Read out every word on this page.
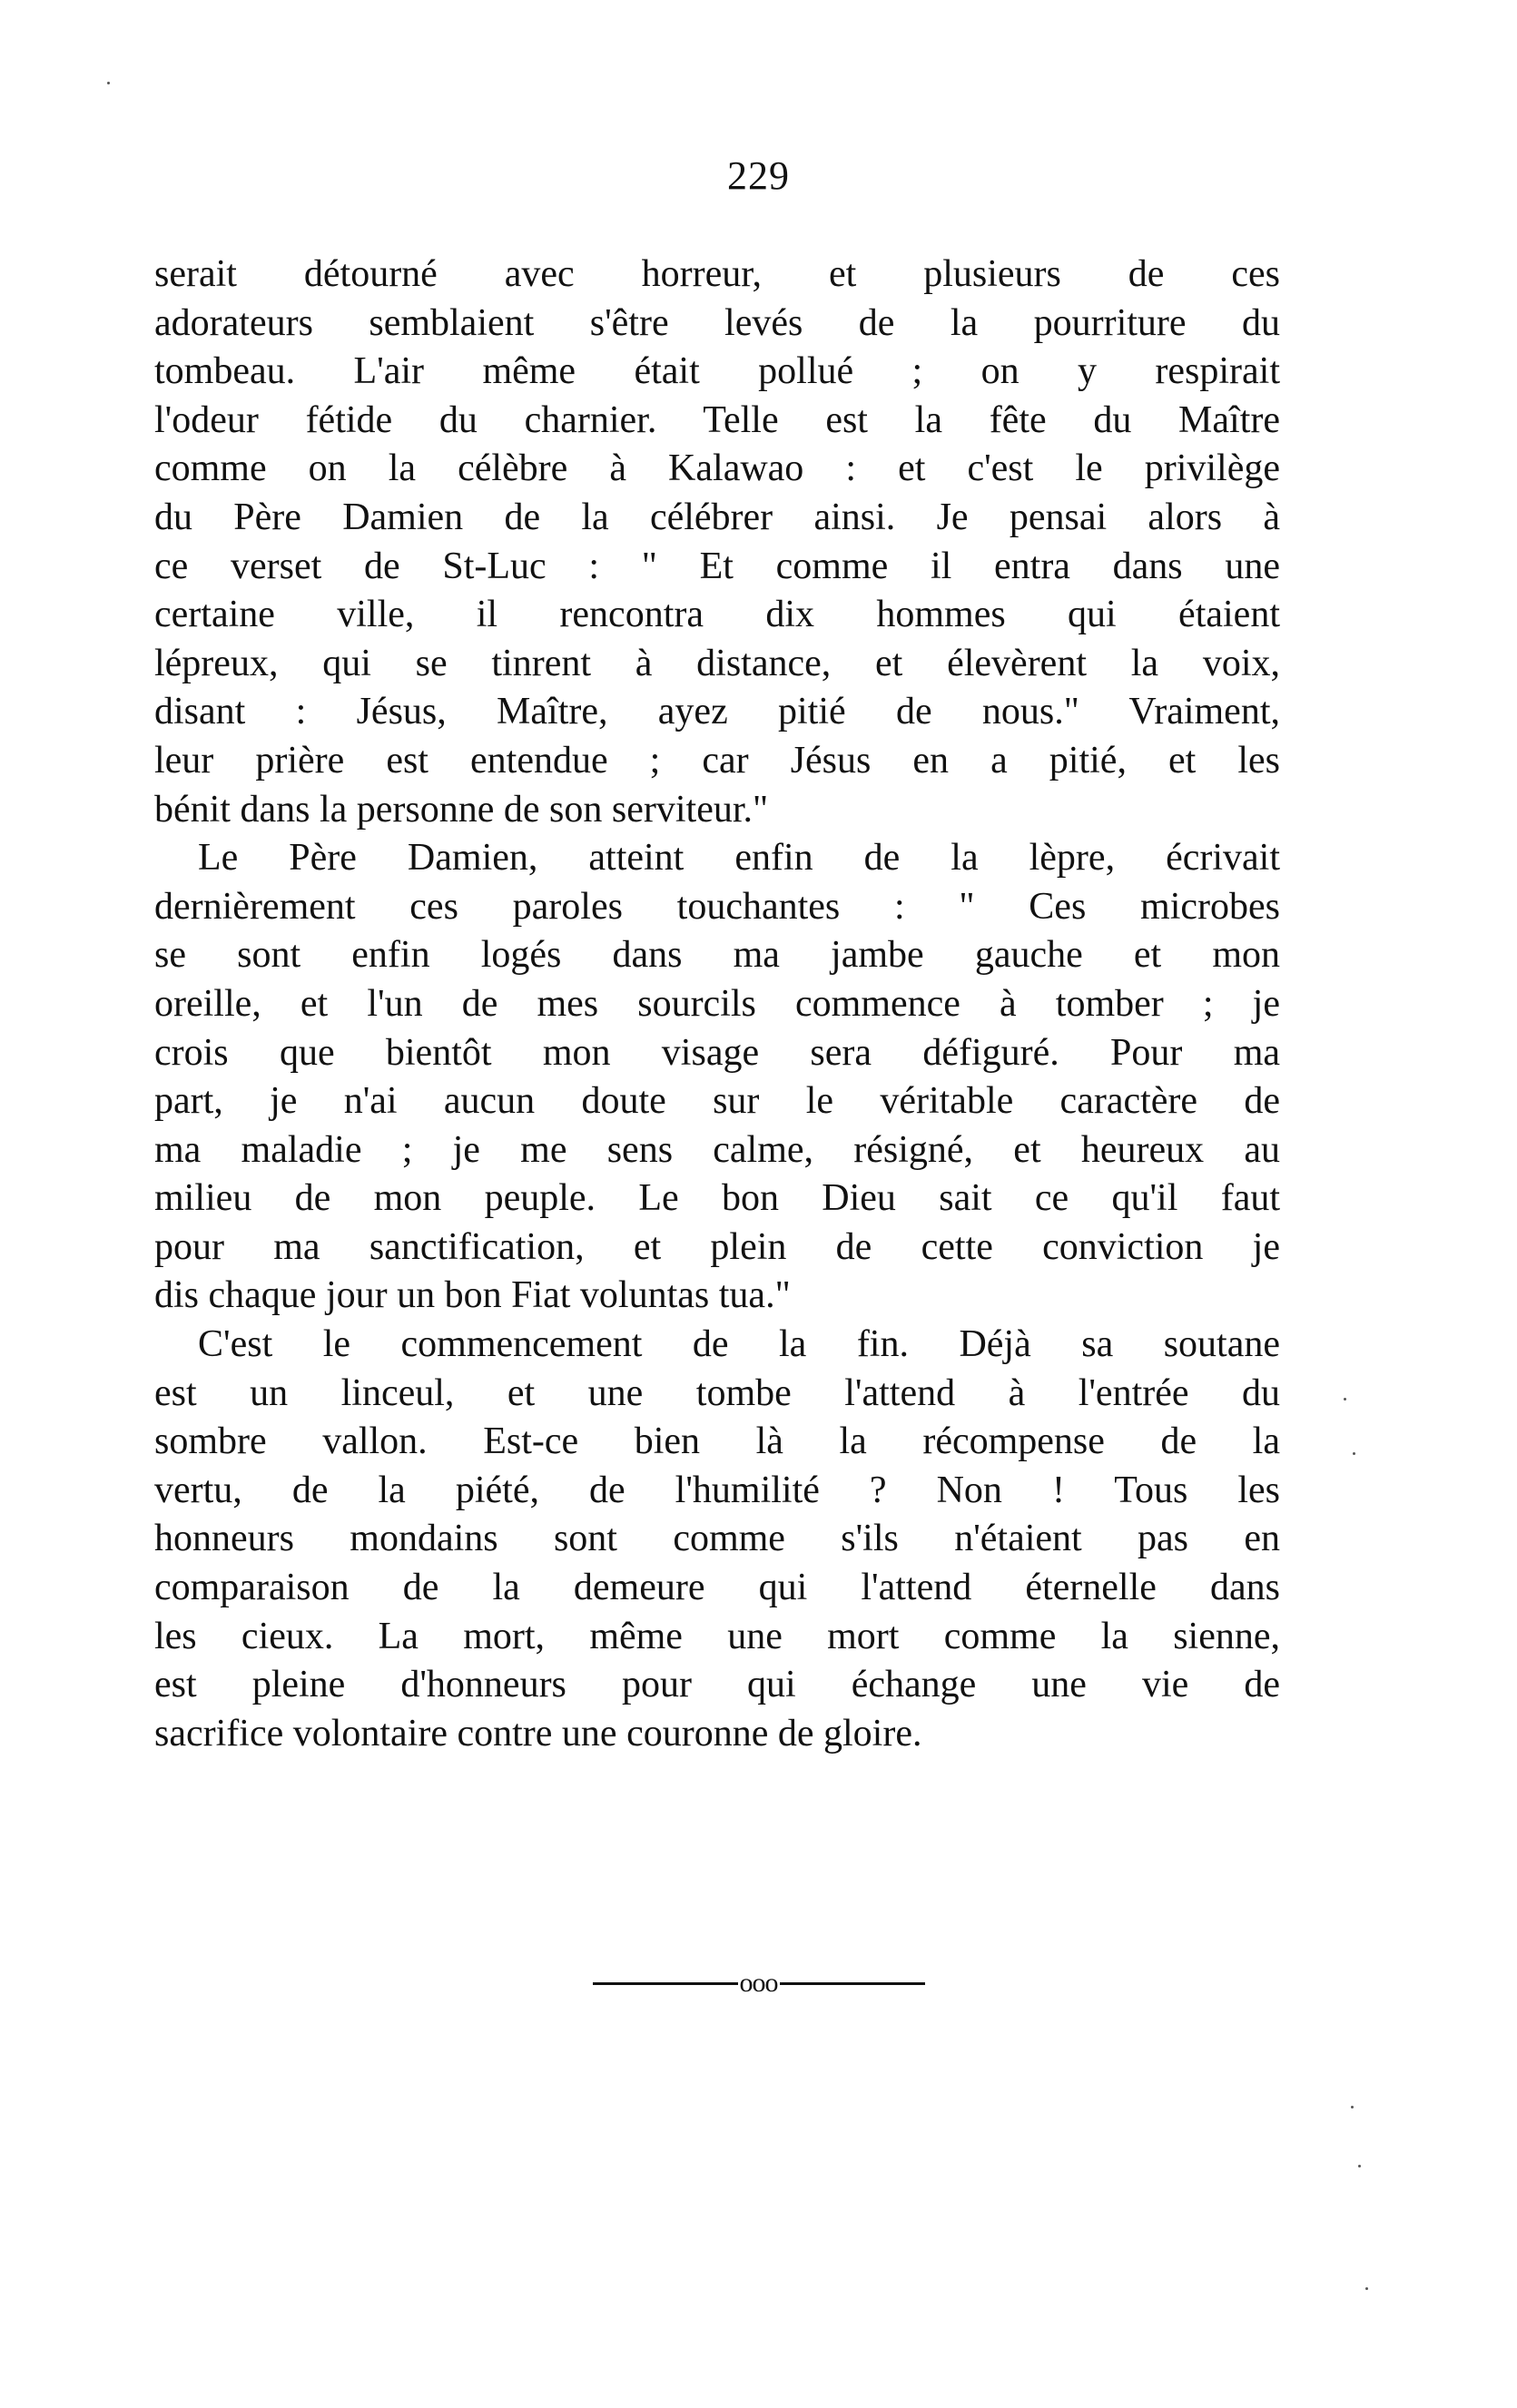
229
serait détourné avec horreur, et plusieurs de ces
adorateurs semblaient s'être levés de la pourriture du
tombeau. L'air même était pollué ; on y respirait
l'odeur fétide du charnier. Telle est la fête du Maître
comme on la célèbre à Kalawao : et c'est le privilège
du Père Damien de la célébrer ainsi. Je pensai alors à
ce verset de St-Luc : " Et comme il entra dans une
certaine ville, il rencontra dix hommes qui étaient
lépreux, qui se tinrent à distance, et élevèrent la voix,
disant : Jésus, Maître, ayez pitié de nous." Vraiment,
leur prière est entendue ; car Jésus en a pitié, et les
bénit dans la personne de son serviteur."
Le Père Damien, atteint enfin de la lèpre, écrivait
dernièrement ces paroles touchantes : " Ces microbes
se sont enfin logés dans ma jambe gauche et mon
oreille, et l'un de mes sourcils commence à tomber ; je
crois que bientôt mon visage sera défiguré. Pour ma
part, je n'ai aucun doute sur le véritable caractère de
ma maladie ; je me sens calme, résigné, et heureux au
milieu de mon peuple. Le bon Dieu sait ce qu'il faut
pour ma sanctification, et plein de cette conviction je
dis chaque jour un bon Fiat voluntas tua."
C'est le commencement de la fin. Déjà sa soutane
est un linceul, et une tombe l'attend à l'entrée du
sombre vallon. Est-ce bien là la récompense de la
vertu, de la piété, de l'humilité ? Non ! Tous les
honneurs mondains sont comme s'ils n'étaient pas en
comparaison de la demeure qui l'attend éternelle dans
les cieux. La mort, même une mort comme la sienne,
est pleine d'honneurs pour qui échange une vie de
sacrifice volontaire contre une couronne de gloire.
ooo
